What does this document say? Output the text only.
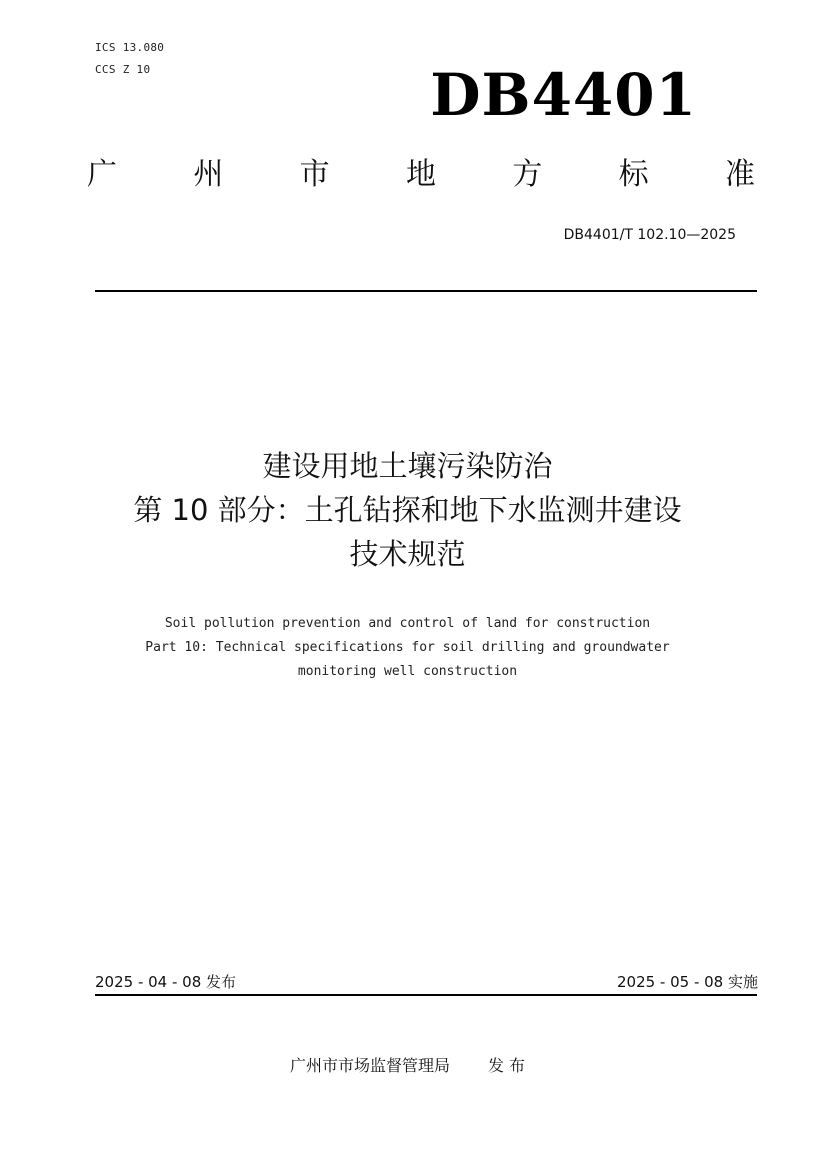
ICS 13.080
CCS Z 10	DB4401
广	州	市	地	方	标	准
DB4401/T 102.10—2025
建设用地土壤污染防治
第 10 部分：土孔钻探和地下水监测井建设
技术规范
Soil pollution prevention and control of land for construction
Part 10: Technical specifications for soil drilling and groundwater
monitoring well construction
2025 - 04 - 08 发布	2025 - 05 - 08 实施
广州市市场监督管理局 发 布
